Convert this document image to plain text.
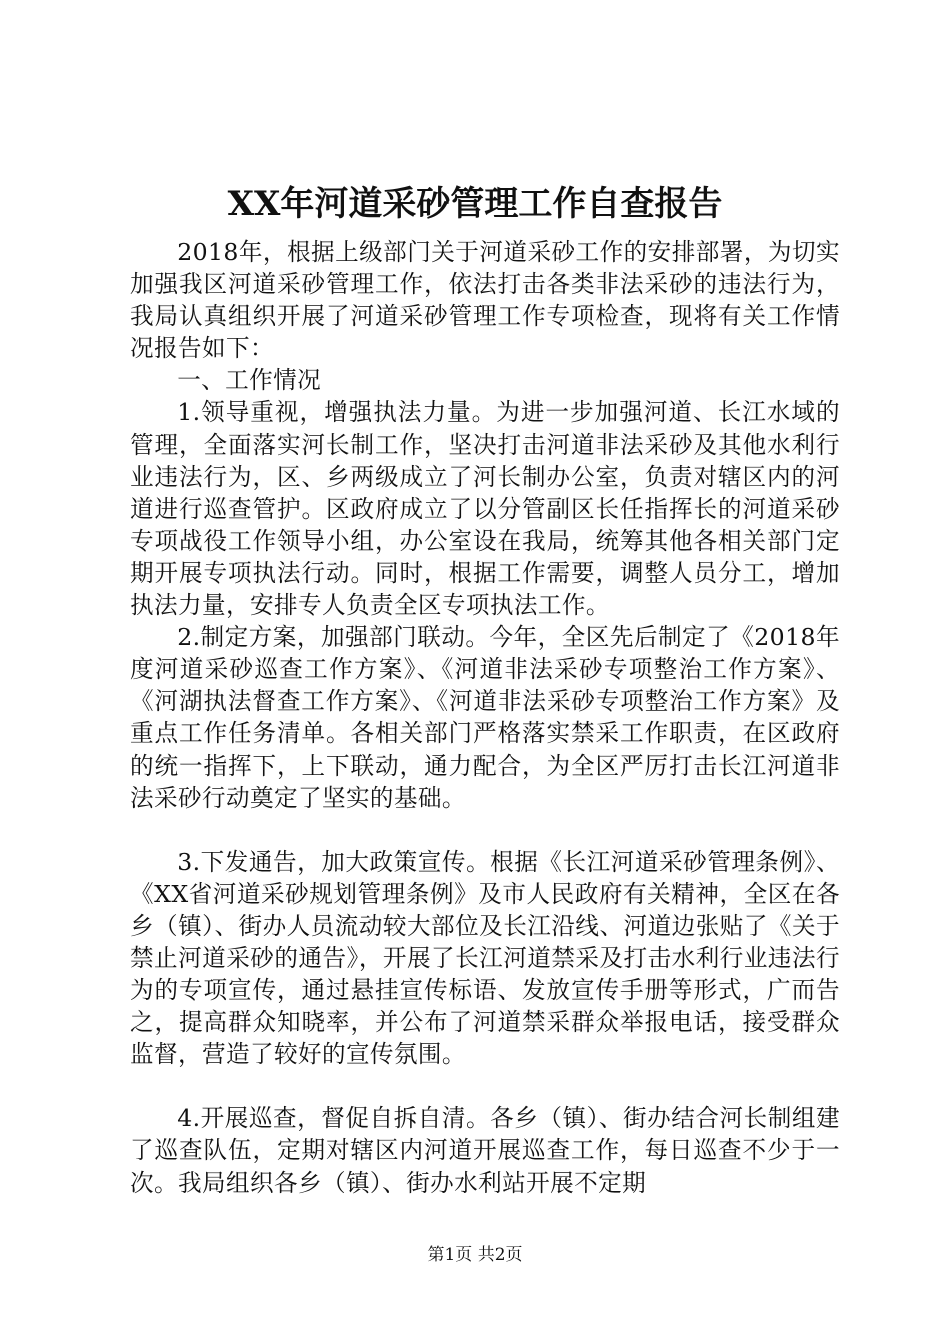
XX年河道采砂管理工作自查报告

2018年，根据上级部门关于河道采砂工作的安排部署，为切实加强我区河道采砂管理工作，依法打击各类非法采砂的违法行为，我局认真组织开展了河道采砂管理工作专项检查，现将有关工作情况报告如下：

一、工作情况

1.领导重视，增强执法力量。为进一步加强河道、长江水域的管理，全面落实河长制工作，坚决打击河道非法采砂及其他水利行业违法行为，区、乡两级成立了河长制办公室，负责对辖区内的河道进行巡查管护。区政府成立了以分管副区长任指挥长的河道采砂专项战役工作领导小组，办公室设在我局，统筹其他各相关部门定期开展专项执法行动。同时，根据工作需要，调整人员分工，增加执法力量，安排专人负责全区专项执法工作。

2.制定方案，加强部门联动。今年，全区先后制定了《2018年度河道采砂巡查工作方案》、《河道非法采砂专项整治工作方案》、《河湖执法督查工作方案》、《河道非法采砂专项整治工作方案》及重点工作任务清单。各相关部门严格落实禁采工作职责，在区政府的统一指挥下，上下联动，通力配合，为全区严厉打击长江河道非法采砂行动奠定了坚实的基础。

3.下发通告，加大政策宣传。根据《长江河道采砂管理条例》、《XX省河道采砂规划管理条例》及市人民政府有关精神，全区在各乡（镇）、街办人员流动较大部位及长江沿线、河道边张贴了《关于禁止河道采砂的通告》，开展了长江河道禁采及打击水利行业违法行为的专项宣传，通过悬挂宣传标语、发放宣传手册等形式，广而告之，提高群众知晓率，并公布了河道禁采群众举报电话，接受群众监督，营造了较好的宣传氛围。

4.开展巡查，督促自拆自清。各乡（镇）、街办结合河长制组建了巡查队伍，定期对辖区内河道开展巡查工作，每日巡查不少于一次。我局组织各乡（镇）、街办水利站开展不定期

第1页 共2页
